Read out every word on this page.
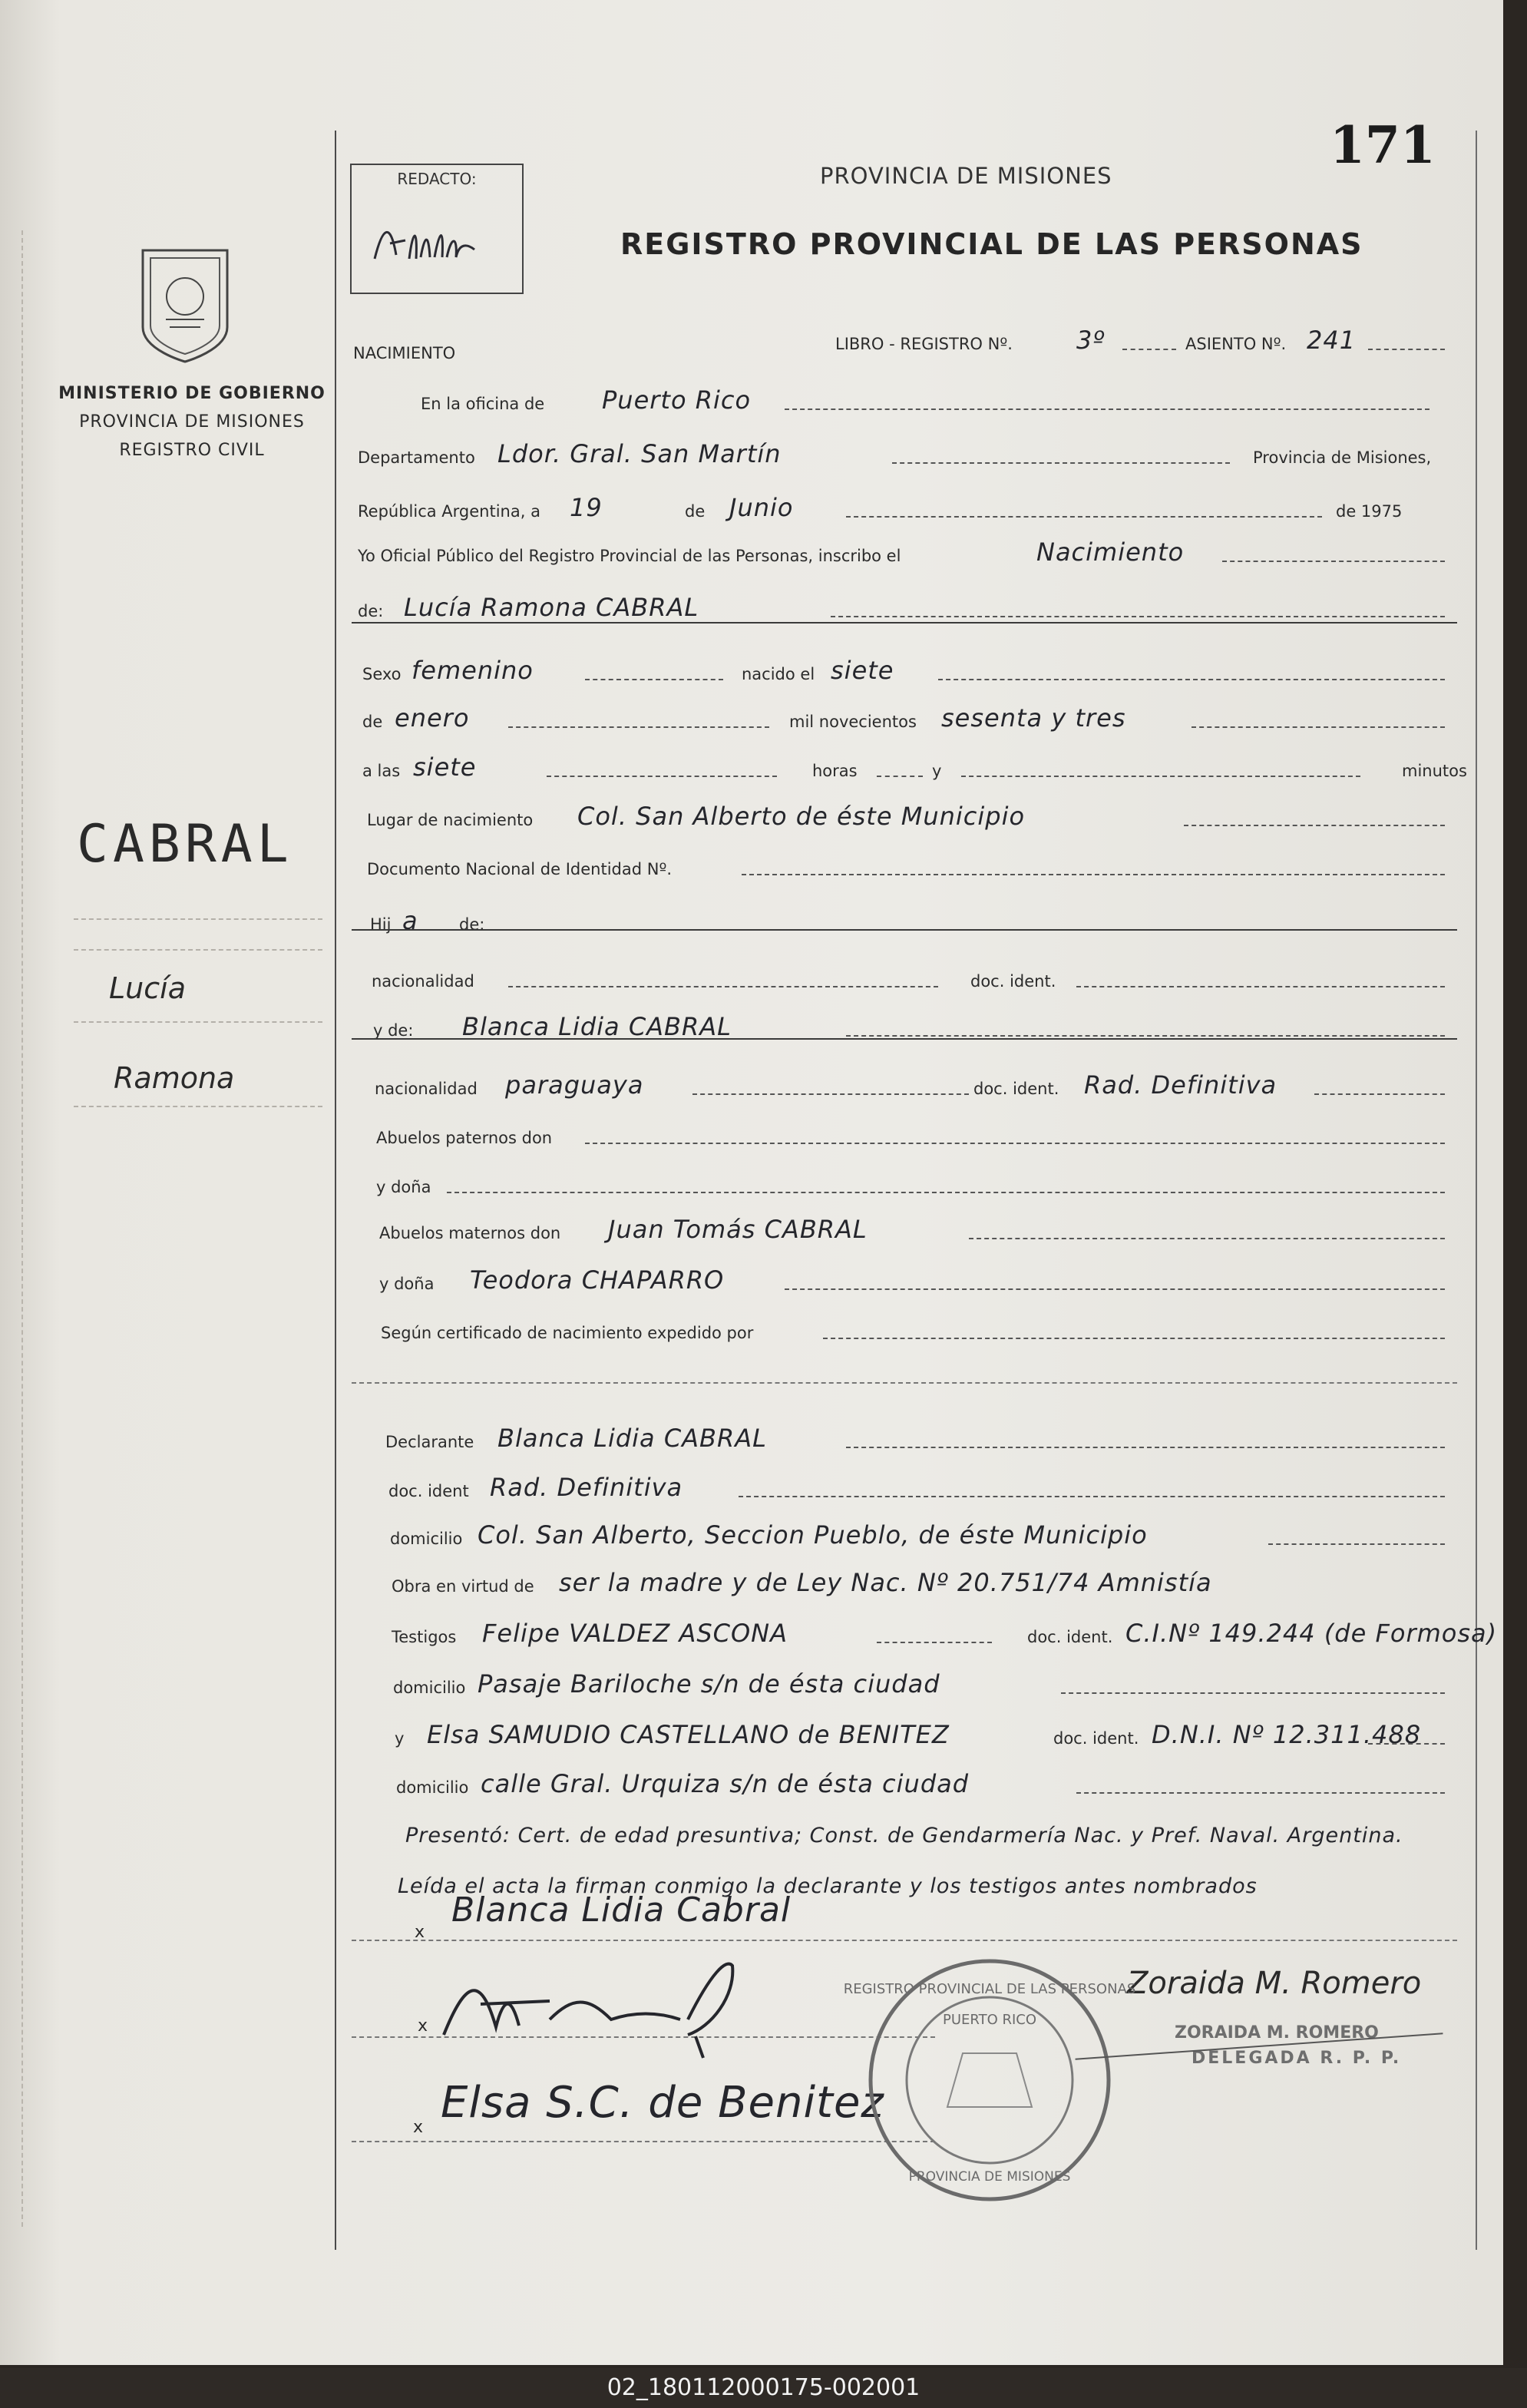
171
PROVINCIA DE MISIONES
REGISTRO PROVINCIAL DE LAS PERSONAS
REDACTO:
MINISTERIO DE GOBIERNO
PROVINCIA DE MISIONES
REGISTRO CIVIL
CABRAL
Lucía
Ramona
NACIMIENTO	LIBRO - REGISTRO Nº.	3º	ASIENTO Nº. 241
En la oficina de Puerto Rico
Departamento Ldor. Gral. San Martín	Provincia de Misiones,
República Argentina, a 19	de Junio	de 1975
Yo Oficial Público del Registro Provincial de las Personas, inscribo el	Nacimiento
de: Lucía Ramona CABRAL
Sexo femenino	nacido el siete
de enero	mil novecientos sesenta y tres
a las siete	horas	y	minutos
Lugar de nacimiento Col. San Alberto de éste Municipio
Documento Nacional de Identidad Nº.
Hij a	de:
nacionalidad	doc. ident.
y de: Blanca Lidia CABRAL
nacionalidad paraguaya	doc. ident. Rad. Definitiva
Abuelos paternos don
y doña
Abuelos maternos don Juan Tomás CABRAL
y doña Teodora CHAPARRO
Según certificado de nacimiento expedido por
Declarante Blanca Lidia CABRAL
doc. ident Rad. Definitiva
domicilio Col. San Alberto, Seccion Pueblo, de éste Municipio
Obra en virtud de ser la madre y de Ley Nac. Nº 20.751/74 Amnistía
Testigos Felipe VALDEZ ASCONA	doc. ident. C.I.Nº 149.244 (de Formosa)
domicilio Pasaje Bariloche s/n de ésta ciudad
y Elsa SAMUDIO CASTELLANO de BENITEZ	doc. ident. D.N.I. Nº 12.311.488
domicilio calle Gral. Urquiza s/n de ésta ciudad
Presentó: Cert. de edad presuntiva; Const. de Gendarmería Nac. y Pref. Naval. Argentina.
Leída el acta la firman conmigo la declarante y los testigos antes nombrados
x
Blanca Lidia Cabral
x
x Elsa S.C. de Benitez
Zoraida M. Romero
ZORAIDA M. ROMERO
DELEGADA R. P. P.
REGISTRO PROVINCIAL DE LAS PERSONAS
PUERTO RICO
PROVINCIA DE MISIONES
02_180112000175-002001
